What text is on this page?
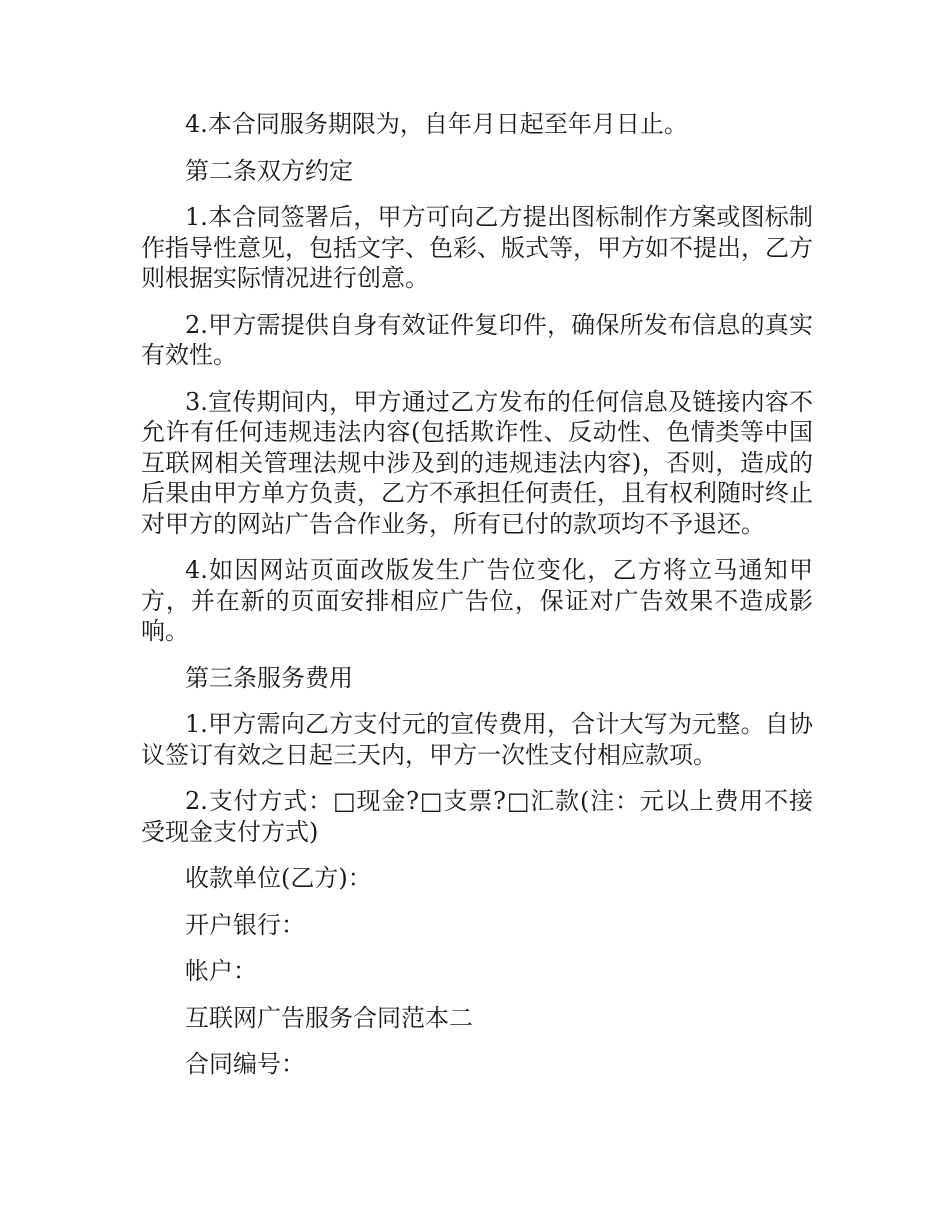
4.本合同服务期限为，自年月日起至年月日止。

第二条双方约定

1.本合同签署后，甲方可向乙方提出图标制作方案或图标制作指导性意见，包括文字、色彩、版式等，甲方如不提出，乙方则根据实际情况进行创意。

2.甲方需提供自身有效证件复印件，确保所发布信息的真实有效性。

3.宣传期间内，甲方通过乙方发布的任何信息及链接内容不允许有任何违规违法内容(包括欺诈性、反动性、色情类等中国互联网相关管理法规中涉及到的违规违法内容)，否则，造成的后果由甲方单方负责，乙方不承担任何责任，且有权利随时终止对甲方的网站广告合作业务，所有已付的款项均不予退还。

4.如因网站页面改版发生广告位变化，乙方将立马通知甲方，并在新的页面安排相应广告位，保证对广告效果不造成影响。

第三条服务费用

1.甲方需向乙方支付元的宣传费用，合计大写为元整。自协议签订有效之日起三天内，甲方一次性支付相应款项。

2.支付方式：□现金?□支票?□汇款(注：元以上费用不接受现金支付方式)

收款单位(乙方)：

开户银行：

帐户：

互联网广告服务合同范本二

合同编号：
